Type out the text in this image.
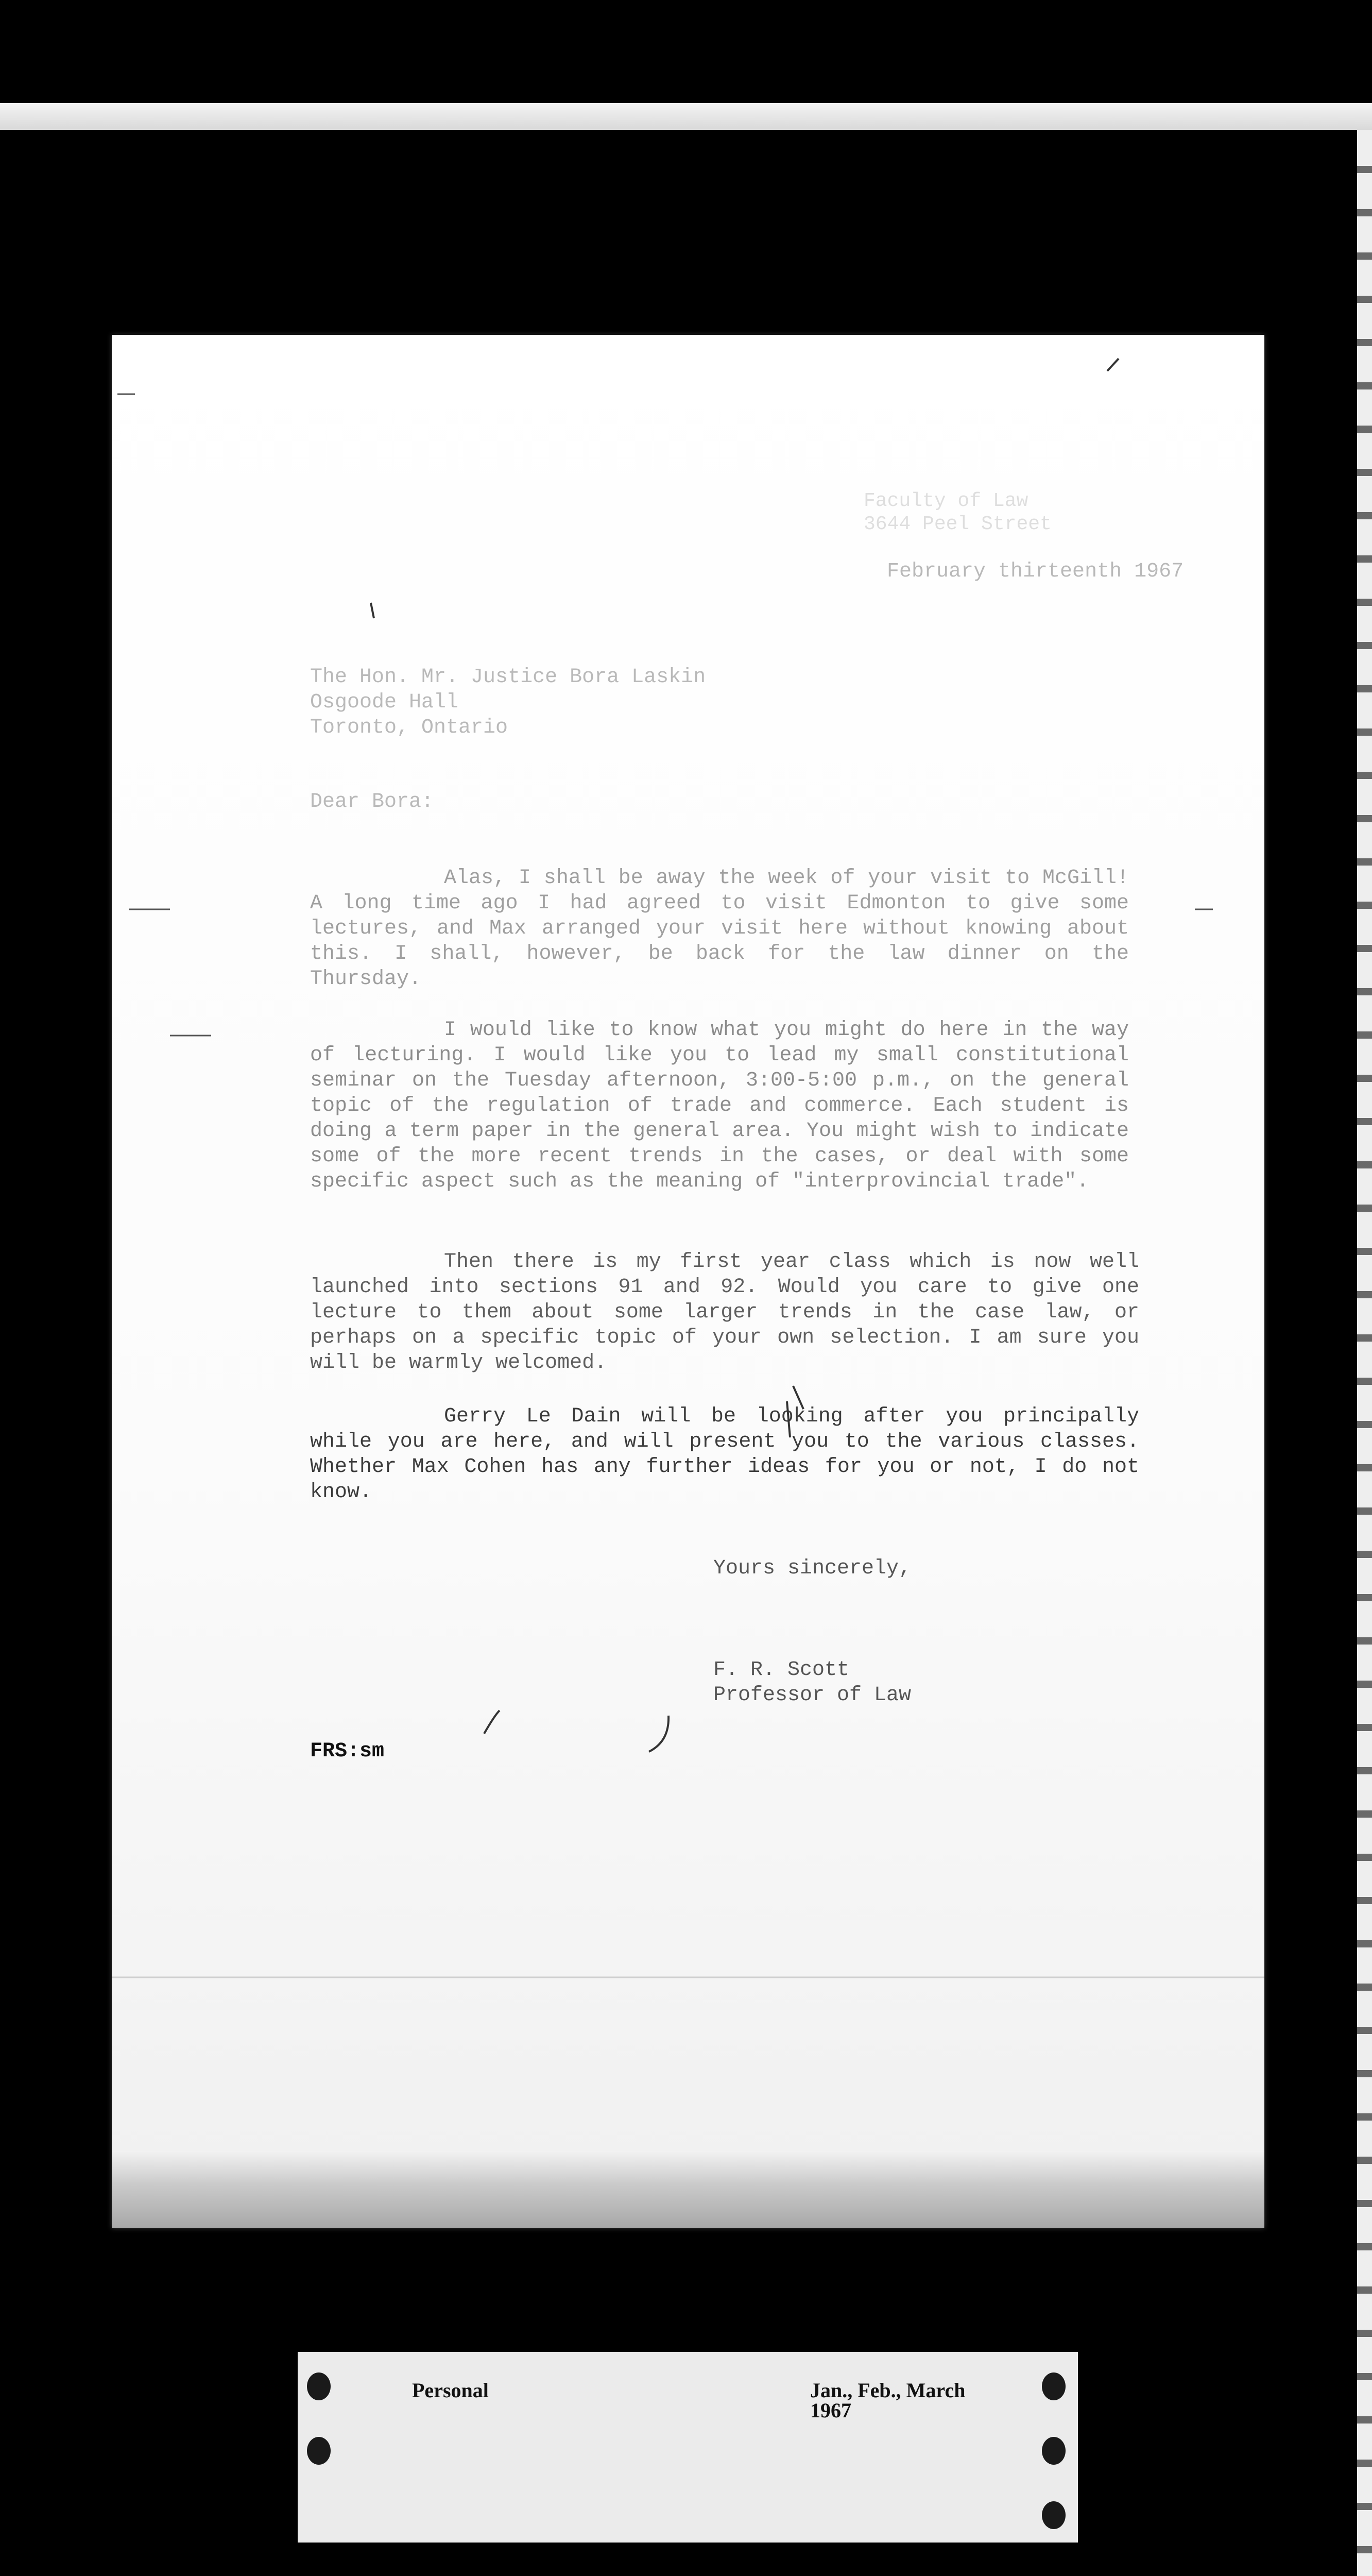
Faculty of Law
3644 Peel Street

February thirteenth 1967

The Hon. Mr. Justice Bora Laskin

Osgoode Hall

Toronto, Ontario

Dear Bora:

Alas, I shall be away the week of your visit to McGill! A long time ago I had agreed to visit Edmonton to give some lectures, and Max arranged your visit here without knowing about this. I shall, however, be back for the law dinner on the Thursday.

I would like to know what you might do here in the way of lecturing. I would like you to lead my small constitutional seminar on the Tuesday afternoon, 3:00-5:00 p.m., on the general topic of the regulation of trade and commerce. Each student is doing a term paper in the general area. You might wish to indicate some of the more recent trends in the cases, or deal with some specific aspect such as the meaning of "interprovincial trade".

Then there is my first year class which is now well launched into sections 91 and 92. Would you care to give one lecture to them about some larger trends in the case law, or perhaps on a specific topic of your own selection. I am sure you will be warmly welcomed.

Gerry Le Dain will be looking after you principally while you are here, and will present you to the various classes. Whether Max Cohen has any further ideas for you or not, I do not know.

Yours sincerely,

F. R. Scott

Professor of Law

FRS:sm

Personal	Jan., Feb., March
1967
